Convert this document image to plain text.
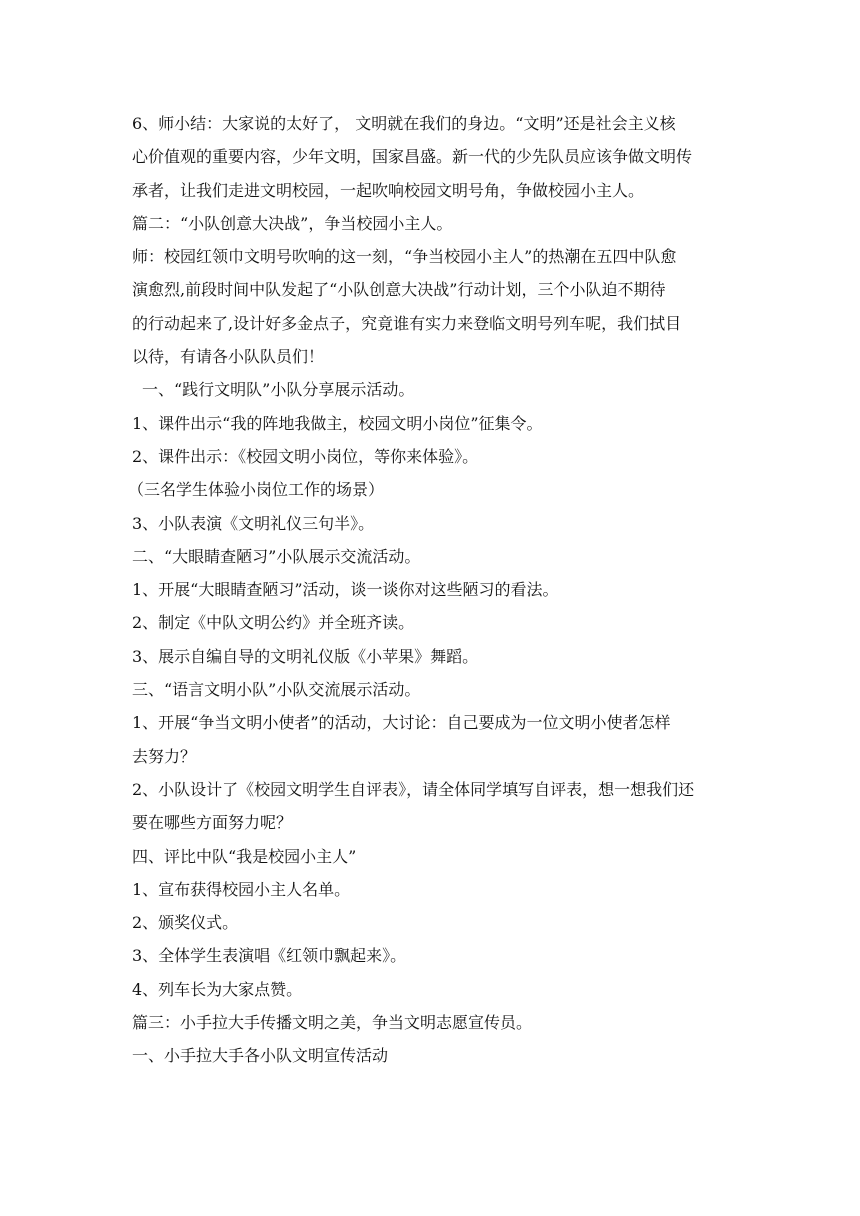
6、师小结：大家说的太好了， 文明就在我们的身边。“文明”还是社会主义核
心价值观的重要内容，少年文明，国家昌盛。新一代的少先队员应该争做文明传
承者，让我们走进文明校园，一起吹响校园文明号角，争做校园小主人。
篇二：“小队创意大决战”，争当校园小主人。
师：校园红领巾文明号吹响的这一刻，“争当校园小主人”的热潮在五四中队愈
演愈烈,前段时间中队发起了“小队创意大决战”行动计划，三个小队迫不期待
的行动起来了,设计好多金点子，究竟谁有实力来登临文明号列车呢，我们拭目
以待，有请各小队队员们！
一、“践行文明队”小队分享展示活动。
1、课件出示“我的阵地我做主，校园文明小岗位”征集令。
2、课件出示：《校园文明小岗位，等你来体验》。
（三名学生体验小岗位工作的场景）
3、小队表演《文明礼仪三句半》。
二、“大眼睛查陋习”小队展示交流活动。
1、开展“大眼睛查陋习”活动，谈一谈你对这些陋习的看法。
2、制定《中队文明公约》并全班齐读。
3、展示自编自导的文明礼仪版《小苹果》舞蹈。
三、“语言文明小队”小队交流展示活动。
1、开展“争当文明小使者”的活动，大讨论：自己要成为一位文明小使者怎样
去努力？
2、小队设计了《校园文明学生自评表》，请全体同学填写自评表，想一想我们还
要在哪些方面努力呢？
四、评比中队“我是校园小主人”
1、宣布获得校园小主人名单。
2、颁奖仪式。
3、全体学生表演唱《红领巾飘起来》。
4、列车长为大家点赞。
篇三：小手拉大手传播文明之美，争当文明志愿宣传员。
一、小手拉大手各小队文明宣传活动
